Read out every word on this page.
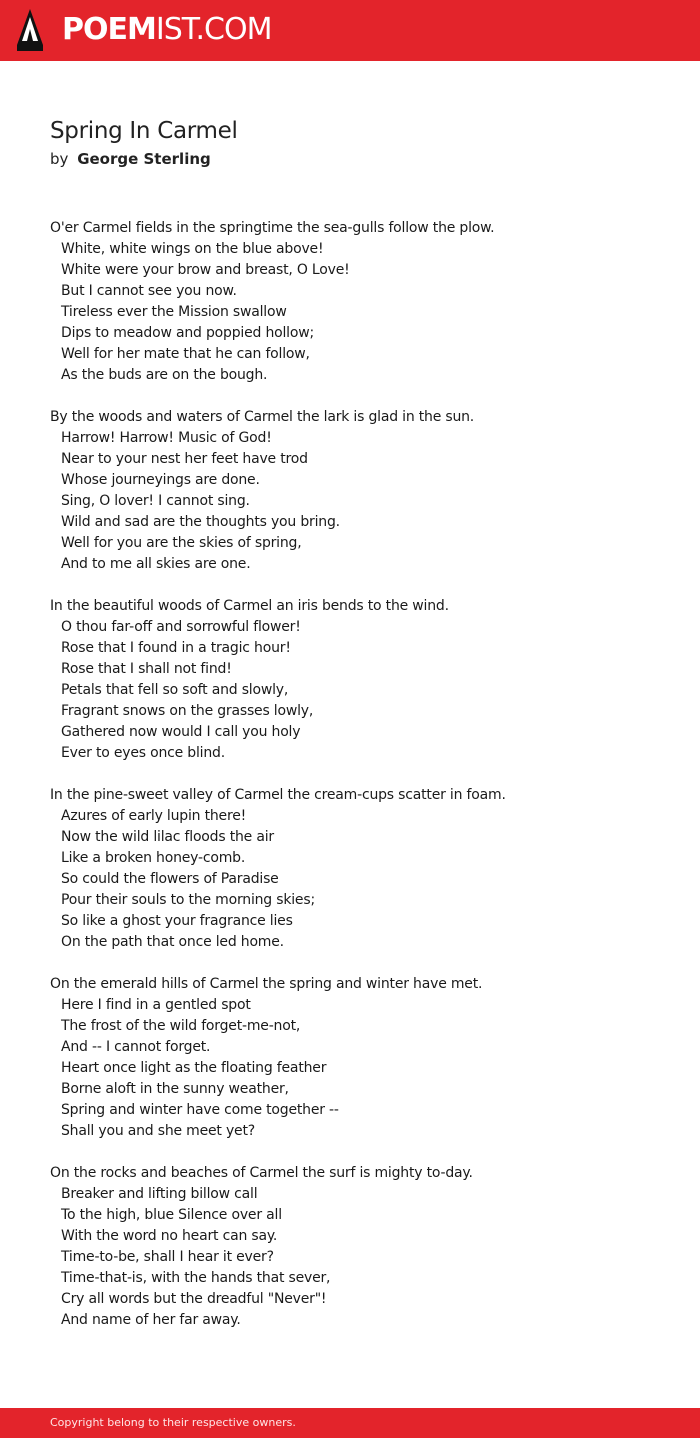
POEMIST.COM
Spring In Carmel
by George Sterling
O'er Carmel fields in the springtime the sea-gulls follow the plow.
White, white wings on the blue above!
White were your brow and breast, O Love!
But I cannot see you now.
Tireless ever the Mission swallow
Dips to meadow and poppied hollow;
Well for her mate that he can follow,
As the buds are on the bough.
By the woods and waters of Carmel the lark is glad in the sun.
Harrow! Harrow! Music of God!
Near to your nest her feet have trod
Whose journeyings are done.
Sing, O lover! I cannot sing.
Wild and sad are the thoughts you bring.
Well for you are the skies of spring,
And to me all skies are one.
In the beautiful woods of Carmel an iris bends to the wind.
O thou far-off and sorrowful flower!
Rose that I found in a tragic hour!
Rose that I shall not find!
Petals that fell so soft and slowly,
Fragrant snows on the grasses lowly,
Gathered now would I call you holy
Ever to eyes once blind.
In the pine-sweet valley of Carmel the cream-cups scatter in foam.
Azures of early lupin there!
Now the wild lilac floods the air
Like a broken honey-comb.
So could the flowers of Paradise
Pour their souls to the morning skies;
So like a ghost your fragrance lies
On the path that once led home.
On the emerald hills of Carmel the spring and winter have met.
Here I find in a gentled spot
The frost of the wild forget-me-not,
And -- I cannot forget.
Heart once light as the floating feather
Borne aloft in the sunny weather,
Spring and winter have come together --
Shall you and she meet yet?
On the rocks and beaches of Carmel the surf is mighty to-day.
Breaker and lifting billow call
To the high, blue Silence over all
With the word no heart can say.
Time-to-be, shall I hear it ever?
Time-that-is, with the hands that sever,
Cry all words but the dreadful "Never"!
And name of her far away.
Copyright belong to their respective owners.
